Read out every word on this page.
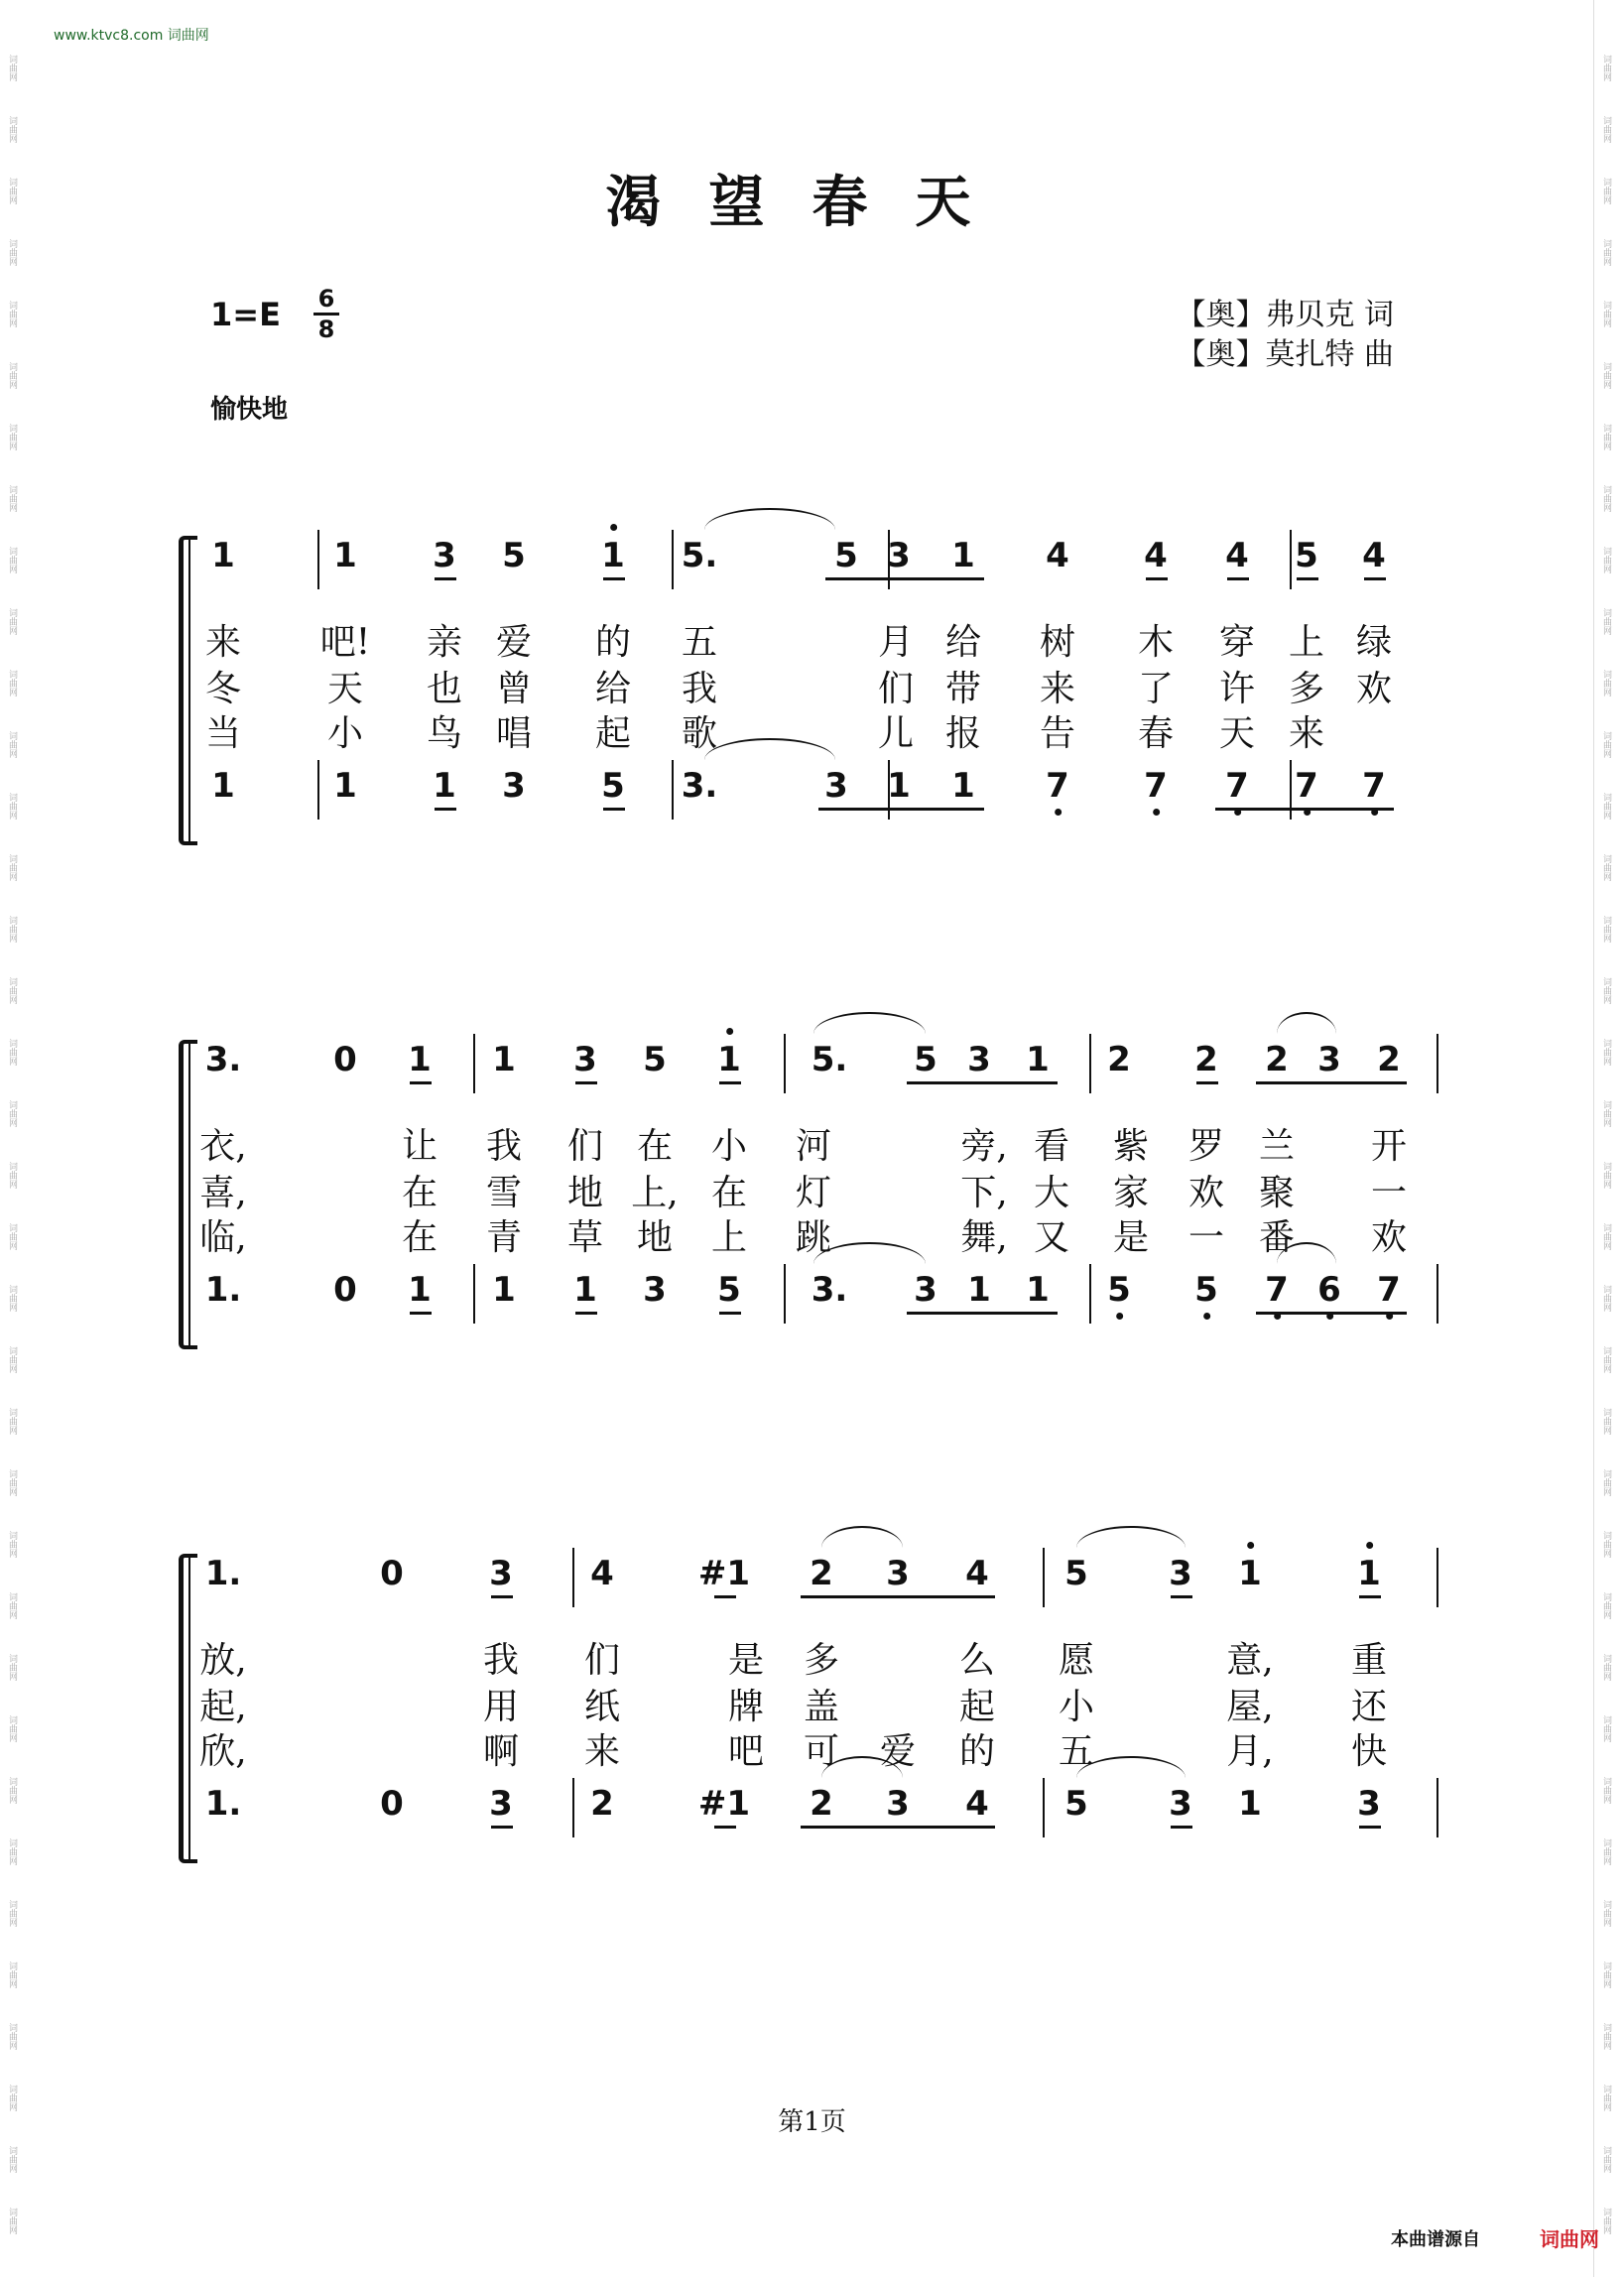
www.ktvc8.com 词曲网
词曲网
词曲网
词曲网
词曲网
词曲网
词曲网
词曲网
词曲网
词曲网
词曲网
词曲网
词曲网
词曲网
词曲网
词曲网
词曲网
词曲网
词曲网
词曲网
词曲网
词曲网
词曲网
词曲网
词曲网
词曲网
词曲网
词曲网
词曲网
词曲网
词曲网
词曲网
词曲网
词曲网
词曲网
词曲网
词曲网
词曲网
词曲网
词曲网
词曲网
词曲网
词曲网
词曲网
词曲网
词曲网
词曲网
词曲网
词曲网
词曲网
词曲网
词曲网
词曲网
词曲网
词曲网
词曲网
词曲网
词曲网
词曲网
词曲网
词曲网
词曲网
词曲网
词曲网
词曲网
词曲网
词曲网
词曲网
词曲网
词曲网
词曲网
词曲网
词曲网
渴望春天
1=E 6
8	【奥】弗贝克 词
【奥】莫扎特 曲
愉快地
1	1 3 5 1 5.	5 3 1 4 4 4 5 4
1	1 1 3 5 3.	3 1 1 7 7 7 7 7
来 吧! 亲 爱 的 五	月 给 树 木 穿 上 绿
冬 天 也 曾 给 我	们 带 来 了 许 多 欢
当 小 鸟 唱 起 歌	儿 报 告 春 天 来
3.	0 1 1 3 5 1 5. 5 3 1 2 2 2 3 2
1.	0 1 1 1 3 5 3. 3 1 1 5 5 7 6 7
衣,	让 我 们 在 小 河	旁, 看 紫 罗 兰 开
喜,	在 雪 地 上, 在 灯	下, 大 家 欢 聚 一
临,	在 青 草 地 上 跳	舞, 又 是 一 番 欢
1.	0	3 4	#1 2 3 4 5 3 1	1
1.	0	3 2	#1 2 3 4 5 3 1	3
放,	我 们	是 多	么 愿	意, 重
起,	用 纸	牌 盖	起 小	屋, 还
欣,	啊 来	吧 可 爱 的 五	月, 快
第1页
本曲谱源自	词曲网
